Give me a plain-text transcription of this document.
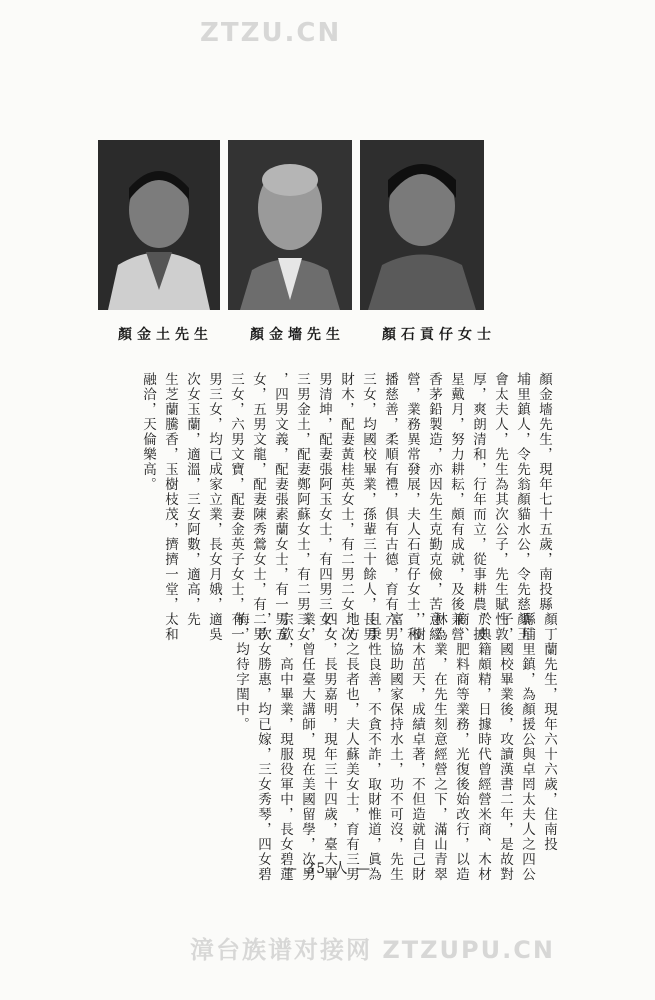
ZTZU.CN
漳台族谱对接网 ZTZUPU.CN
顏金土先生	顏金墻先生	顏石貢仔女士
顏金墻先生，現年七十五歲，南投縣
埔里鎮人，令先翁顏貓水公，令先慈顏王
會太夫人，先生為其次公子，先生賦性敦
厚，爽朗清和，行年而立，從事耕農，披
星戴月，努力耕耘，頗有成就，及後兼營
香茅鉛製造，亦因先生克勤克儉，苦意經
營，業務異常發展，夫人石貢仔女士，和
播慈善，柔順有禮，俱有古德，育有六男
三女，均國校畢業，孫輩三十餘人，長男
財木，配妻黃桂英女士，有二男二女，次
男清坤，配妻張阿玉女士，有四男三女，
三男金土，配妻鄭阿蘇女士，有二男三女
，四男文義，配妻張素蘭女士，有一男五
女，五男文龍，配妻陳秀鶯女士，有二男
三女，六男文寶，配妻金英子女士，有一
男三女，均已成家立業，長女月娥，適吳
次女玉蘭，適溫，三女阿數，適高，先
生芝蘭騰香，玉樹枝茂，擠擠一堂，太和
融洽，天倫樂高。
顏丁蘭先生，現年六十六歲，住南投
縣埔里鎮，為顏援公與卓罔太夫人之四公
子，國校畢業後，攻讀漢書二年，是故對
於典籍頗精，日據時代曾經營米商、木材
商、肥料商等業務，光復後始改行，以造
林為業，在先生刻意經營之下，滿山青翠
，樹木茁天，成績卓著，不但造就自己財
富，協助國家保持水土，功不可沒，先生
且秉性良善，不貪不詐，取財惟道，眞為
地方之長者也，夫人蘇美女士，育有三男
四女，長男嘉明，現年三十四歲，臺大畢
業，曾任臺大講師，現在美國留學，次男
宗欽，高中畢業，現服役軍中，長女碧蓮
，次女勝惠，均已嫁，三女秀琴，四女碧
梅，均待字閨中。
— 35 人 —
